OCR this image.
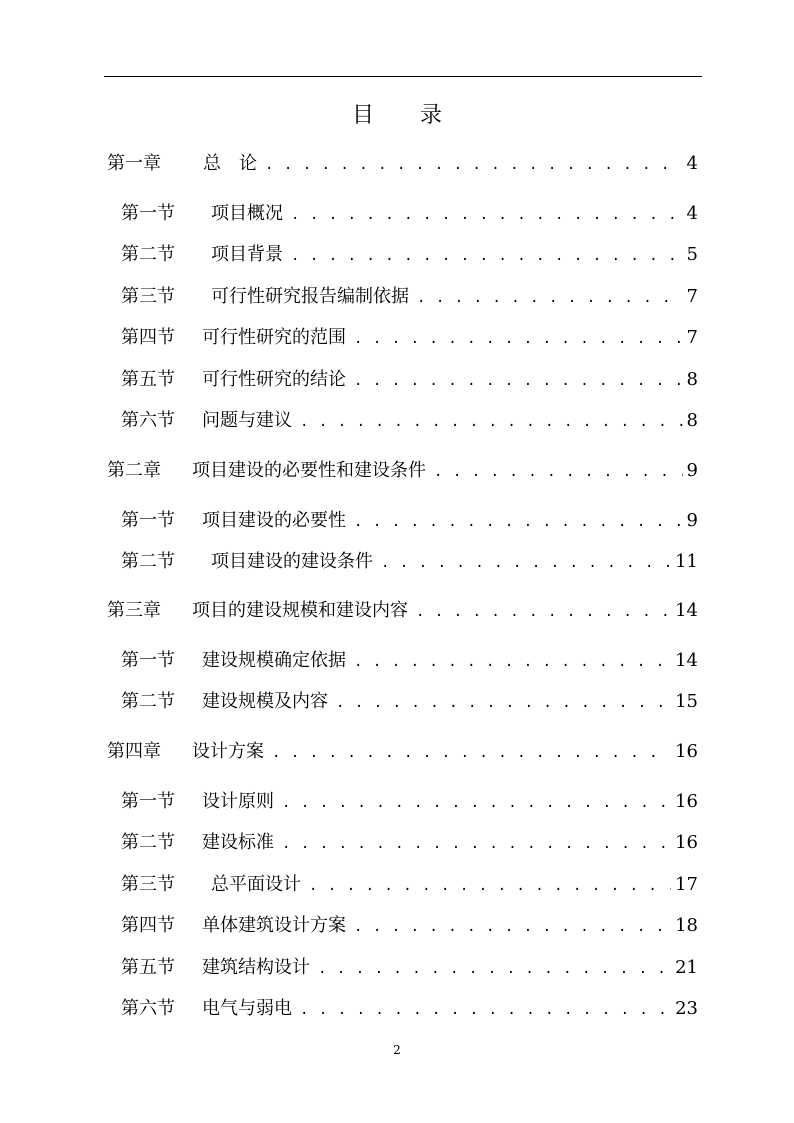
目 录
第一章	总　论 . . .	4
第一节	项目概况 . . .	4
第二节	项目背景 . . .	5
第三节	可行性研究报告编制依据 . . .	7
第四节	可行性研究的范围 . . .	7
第五节	可行性研究的结论 . . .	8
第六节	问题与建议 . . .	8
第二章	项目建设的必要性和建设条件 . . .	9
第一节	项目建设的必要性 . . .	9
第二节	项目建设的建设条件 . . .	11
第三章	项目的建设规模和建设内容 . . .	14
第一节	建设规模确定依据 . . .	14
第二节	建设规模及内容 . . .	15
第四章	设计方案 . . .	16
第一节	设计原则 . . .	16
第二节	建设标准 . . .	16
第三节	总平面设计 . . .	17
第四节	单体建筑设计方案 . . .	18
第五节	建筑结构设计 . . .	21
第六节	电气与弱电 . . .	23
2
